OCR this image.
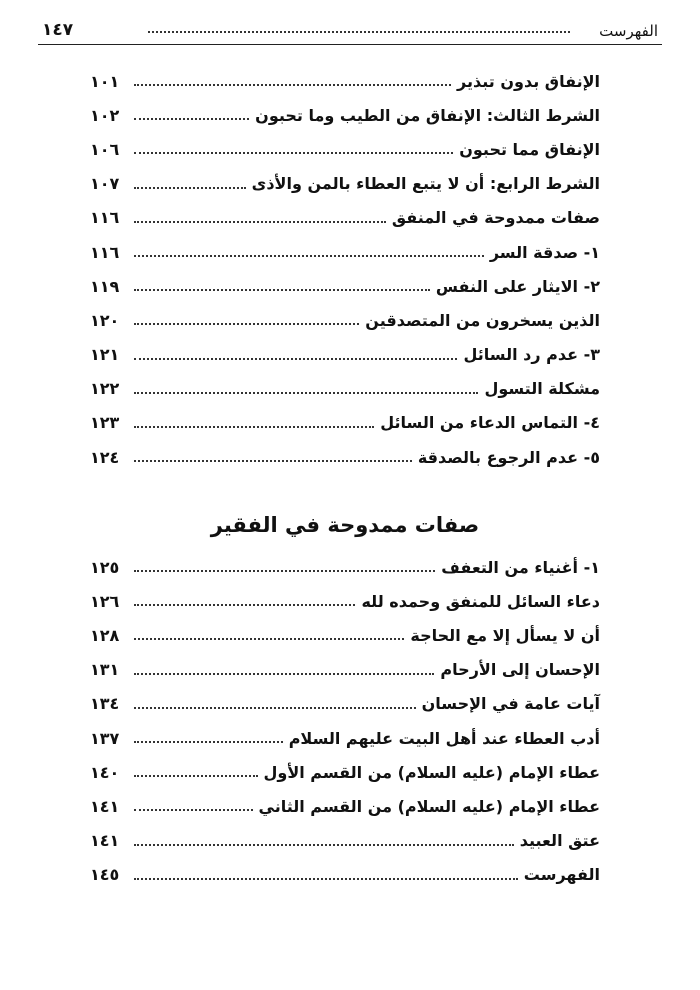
الفهرست
١٤٧
الإنفاق بدون تبذير
١٠١
الشرط الثالث: الإنفاق من الطيب وما تحبون
١٠٢
الإنفاق مما تحبون
١٠٦
الشرط الرابع: أن لا يتبع العطاء بالمن والأذى
١٠٧
صفات ممدوحة في المنفق
١١٦
١- صدقة السر
١١٦
٢- الايثار على النفس
١١٩
الذين يسخرون من المتصدقين
١٢٠
٣- عدم رد السائل
١٢١
مشكلة التسول
١٢٢
٤- التماس الدعاء من السائل
١٢٣
٥- عدم الرجوع بالصدقة
١٢٤
صفات ممدوحة في الفقير
١- أغنياء من التعفف
١٢٥
دعاء السائل للمنفق وحمده لله
١٢٦
أن لا يسأل إلا مع الحاجة
١٢٨
الإحسان إلى الأرحام
١٣١
آيات عامة في الإحسان
١٣٤
أدب العطاء عند أهل البيت عليهم السلام
١٣٧
عطاء الإمام (عليه السلام) من القسم الأول
١٤٠
عطاء الإمام (عليه السلام) من القسم الثاني
١٤١
عتق العبيد
١٤١
الفهرست
١٤٥
